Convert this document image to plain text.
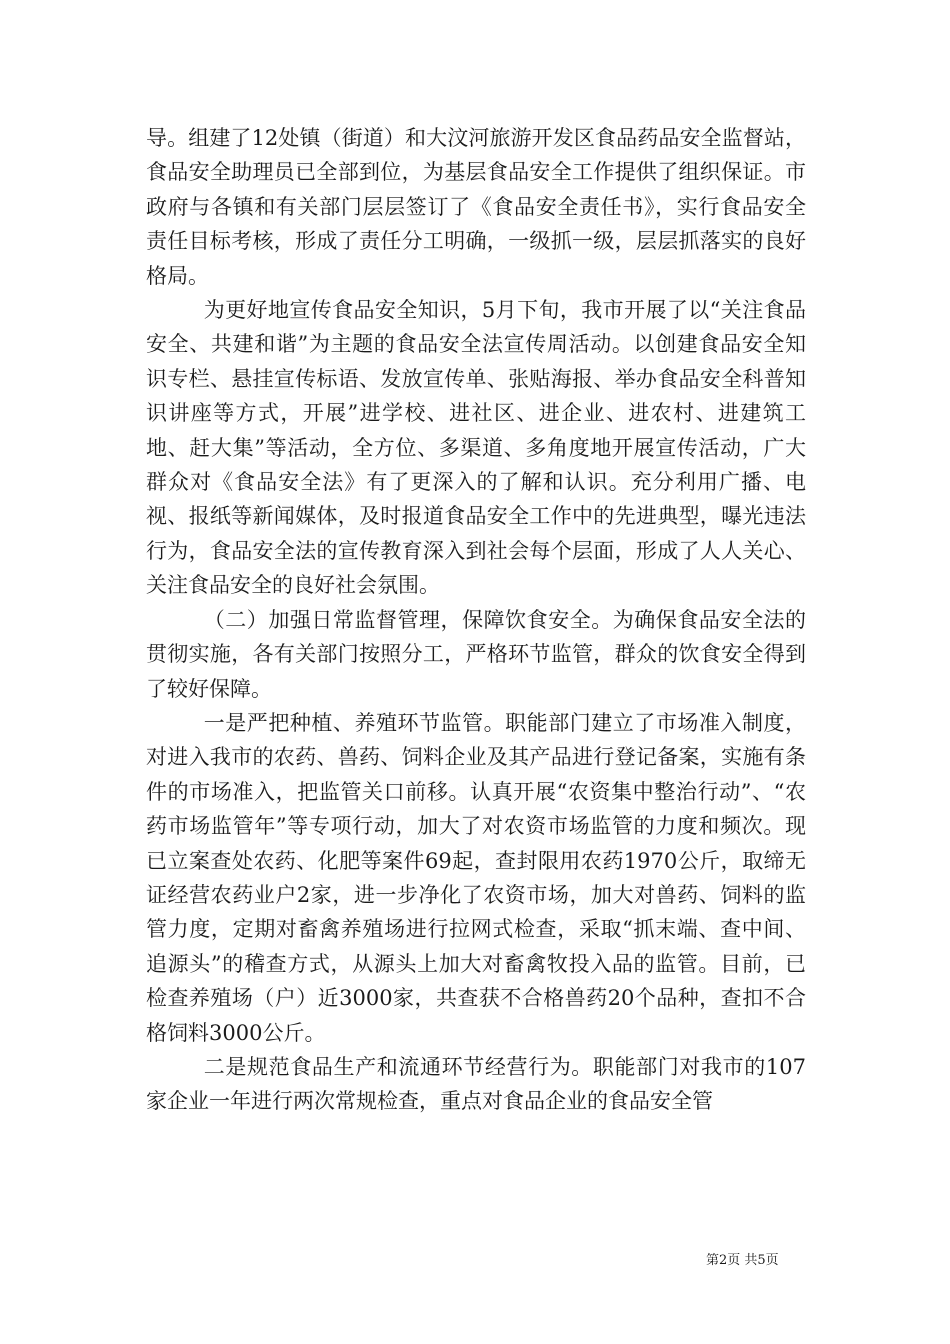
导。组建了12处镇（街道）和大汶河旅游开发区食品药品安全监督站，食品安全助理员已全部到位，为基层食品安全工作提供了组织保证。市政府与各镇和有关部门层层签订了《食品安全责任书》，实行食品安全责任目标考核，形成了责任分工明确，一级抓一级，层层抓落实的良好格局。

为更好地宣传食品安全知识，5月下旬，我市开展了以“关注食品安全、共建和谐”为主题的食品安全法宣传周活动。以创建食品安全知识专栏、悬挂宣传标语、发放宣传单、张贴海报、举办食品安全科普知识讲座等方式，开展”进学校、进社区、进企业、进农村、进建筑工地、赶大集”等活动，全方位、多渠道、多角度地开展宣传活动，广大群众对《食品安全法》有了更深入的了解和认识。充分利用广播、电视、报纸等新闻媒体，及时报道食品安全工作中的先进典型，曝光违法行为，食品安全法的宣传教育深入到社会每个层面，形成了人人关心、关注食品安全的良好社会氛围。

（二）加强日常监督管理，保障饮食安全。为确保食品安全法的贯彻实施，各有关部门按照分工，严格环节监管，群众的饮食安全得到了较好保障。

一是严把种植、养殖环节监管。职能部门建立了市场准入制度，对进入我市的农药、兽药、饲料企业及其产品进行登记备案，实施有条件的市场准入，把监管关口前移。认真开展“农资集中整治行动”、“农药市场监管年”等专项行动，加大了对农资市场监管的力度和频次。现已立案查处农药、化肥等案件69起，查封限用农药1970公斤，取缔无证经营农药业户2家，进一步净化了农资市场，加大对兽药、饲料的监管力度，定期对畜禽养殖场进行拉网式检查，采取“抓末端、查中间、追源头”的稽查方式，从源头上加大对畜禽牧投入品的监管。目前，已检查养殖场（户）近3000家，共查获不合格兽药20个品种，查扣不合格饲料3000公斤。

二是规范食品生产和流通环节经营行为。职能部门对我市的107家企业一年进行两次常规检查，重点对食品企业的食品安全管

第2页 共5页
